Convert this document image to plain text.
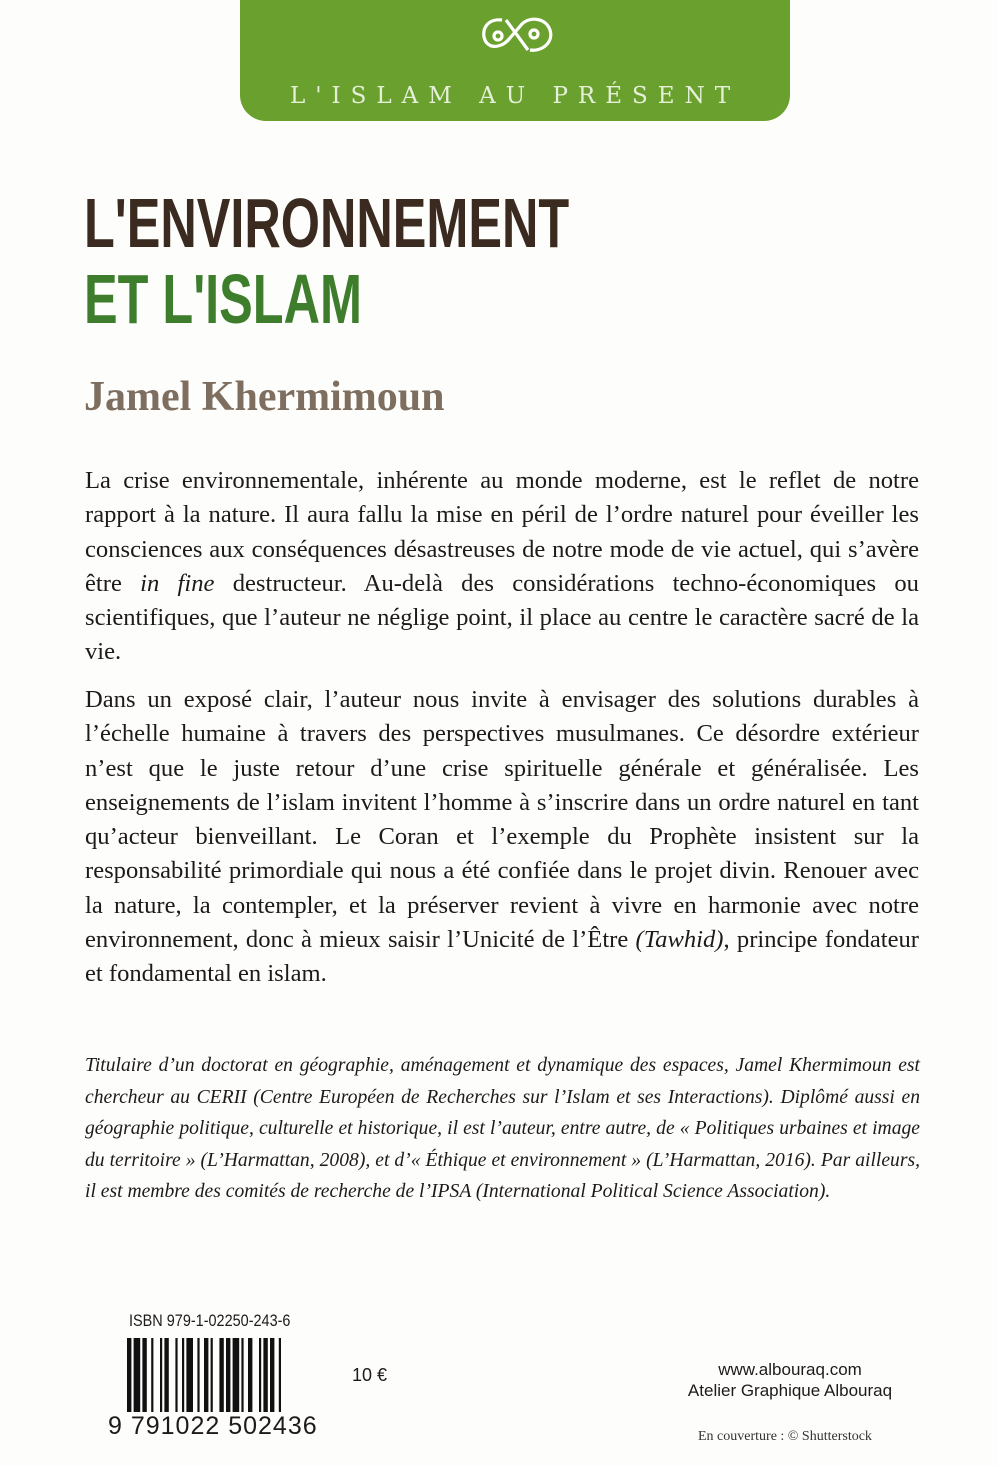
L'ISLAM AU PRÉSENT
L'ENVIRONNEMENT
ET L'ISLAM
Jamel Khermimoun
La crise environnementale, inhérente au monde moderne, est le reflet de notre rapport à la nature. Il aura fallu la mise en péril de l’ordre naturel pour éveiller les consciences aux conséquences désastreuses de notre mode de vie actuel, qui s’avère être in fine destructeur. Au-delà des considérations techno-économiques ou scientifiques, que l’auteur ne néglige point, il place au centre le caractère sacré de la vie.
Dans un exposé clair, l’auteur nous invite à envisager des solutions durables à l’échelle humaine à travers des perspectives musulmanes. Ce désordre extérieur n’est que le juste retour d’une crise spirituelle générale et généralisée. Les enseignements de l’islam invitent l’homme à s’inscrire dans un ordre naturel en tant qu’acteur bienveillant. Le Coran et l’exemple du Prophète insistent sur la responsabilité primordiale qui nous a été confiée dans le projet divin. Renouer avec la nature, la contempler, et la préserver revient à vivre en harmonie avec notre environnement, donc à mieux saisir l’Unicité de l’Être (Tawhid), principe fondateur et fondamental en islam.
Titulaire d’un doctorat en géographie, aménagement et dynamique des espaces, Jamel Khermimoun est chercheur au CERII (Centre Européen de Recherches sur l’Islam et ses Interactions). Diplômé aussi en géographie politique, culturelle et historique, il est l’auteur, entre autre, de « Politiques urbaines et image du territoire » (L’Harmattan, 2008), et d’« Éthique et environnement » (L’Harmattan, 2016). Par ailleurs, il est membre des comités de recherche de l’IPSA (International Political Science Association).
ISBN 979-1-02250-243-6
9 791022 502436
10 €	www.albouraq.com
Atelier Graphique Albouraq
En couverture : © Shutterstock
